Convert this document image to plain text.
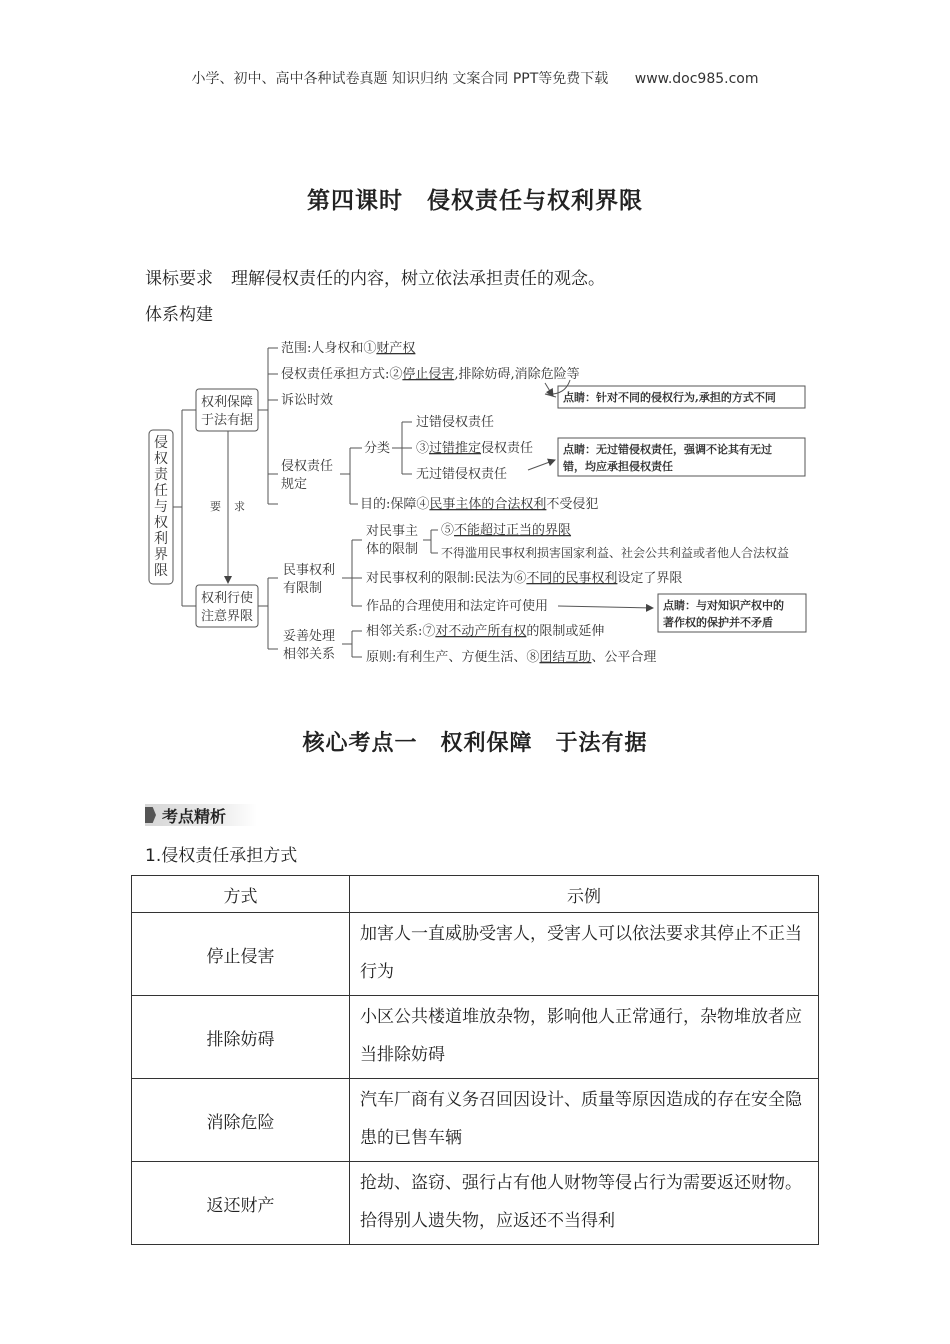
小学、初中、高中各种试卷真题 知识归纳 文案合同 PPT等免费下载 www.doc985.com
第四课时　侵权责任与权利界限
课标要求 理解侵权责任的内容，树立依法承担责任的观念。
体系构建
侵
权
责
任
与
权
利
界
限
权利保障
于法有据
权利行使
注意界限
要 求
范围:人身权和①财产权
侵权责任承担方式:②停止侵害,排除妨碍,消除危险等
诉讼时效
侵权责任
规定
分类
过错侵权责任
③过错推定侵权责任
无过错侵权责任
目的:保障④民事主体的合法权利不受侵犯
民事权利
有限制
对民事主
体的限制
⑤不能超过正当的界限
不得滥用民事权利损害国家利益、社会公共利益或者他人合法权益
对民事权利的限制:民法为⑥不同的民事权利设定了界限
作品的合理使用和法定许可使用
妥善处理
相邻关系
相邻关系:⑦对不动产所有权的限制或延伸
原则:有利生产、方便生活、⑧团结互助、公平合理
点睛：针对不同的侵权行为,承担的方式不同
点睛：无过错侵权责任，强调不论其有无过
错，均应承担侵权责任
点睛：与对知识产权中的
著作权的保护并不矛盾
核心考点一　权利保障　于法有据
考点精析
1.侵权责任承担方式
方式	示例
停止侵害	加害人一直威胁受害人，受害人可以依法要求其停止不正当行为
排除妨碍	小区公共楼道堆放杂物，影响他人正常通行，杂物堆放者应当排除妨碍
消除危险	汽车厂商有义务召回因设计、质量等原因造成的存在安全隐患的已售车辆
返还财产	抢劫、盗窃、强行占有他人财物等侵占行为需要返还财物。拾得别人遗失物，应返还不当得利
